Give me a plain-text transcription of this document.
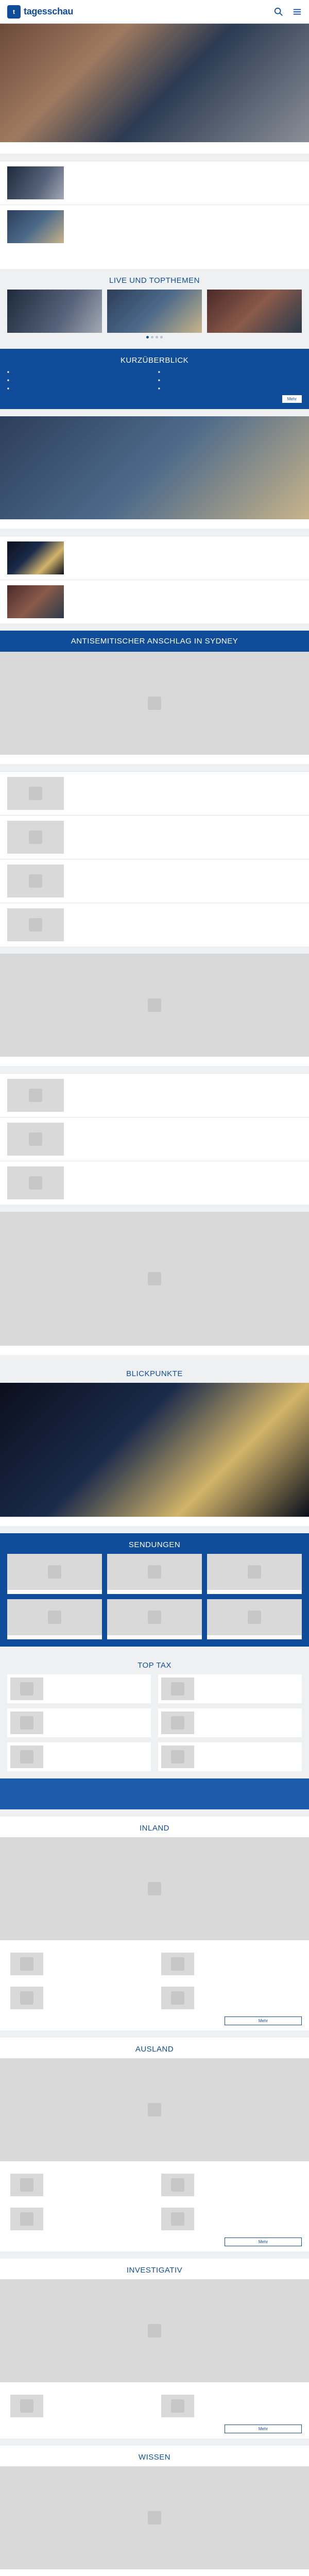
t tagesschau
LIVE UND TOPTHEMEN
KURZÜBERBLICK
■
■
■
■
■
■
Mehr
ANTISEMITISCHER ANSCHLAG IN SYDNEY
BLICKPUNKTE
SENDUNGEN
TOP TAX
INLAND
Mehr
AUSLAND
Mehr
INVESTIGATIV
Mehr
WISSEN
